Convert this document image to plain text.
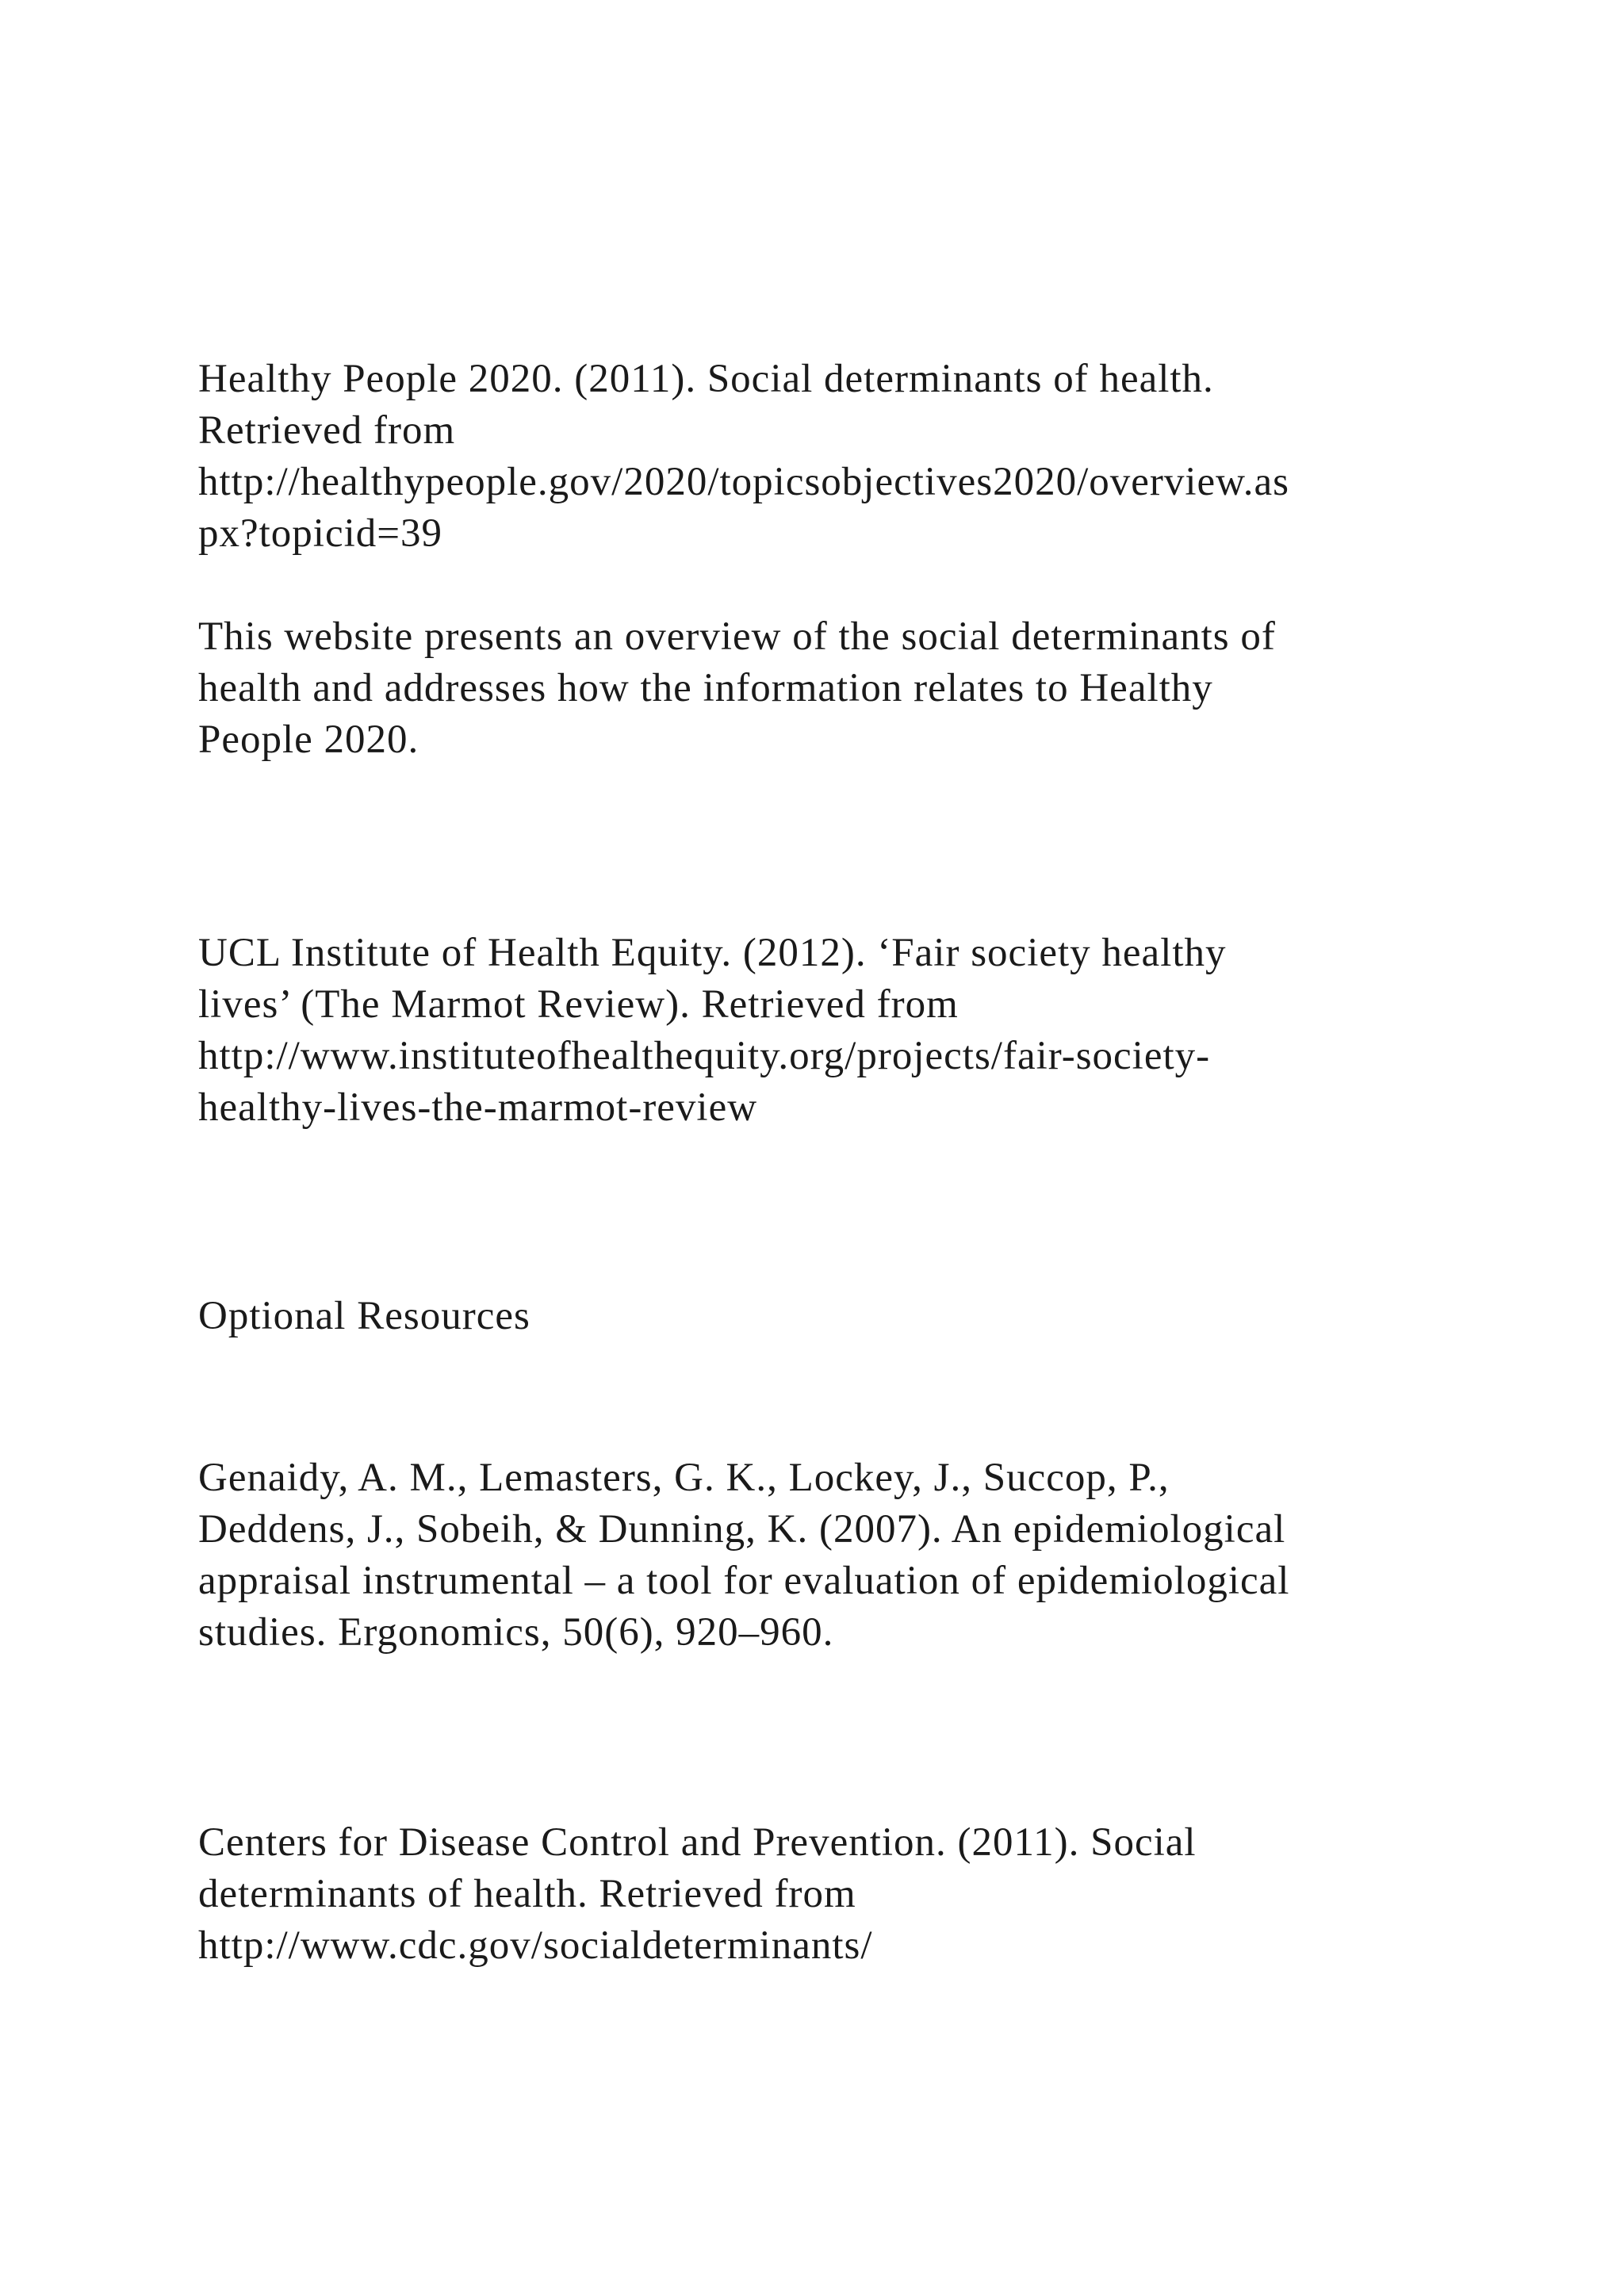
Healthy People 2020. (2011). Social determinants of health.
Retrieved from
http://healthypeople.gov/2020/topicsobjectives2020/overview.as
px?topicid=39
This website presents an overview of the social determinants of
health and addresses how the information relates to Healthy
People 2020.
UCL Institute of Health Equity. (2012). ‘Fair society healthy
lives’ (The Marmot Review). Retrieved from
http://www.instituteofhealthequity.org/projects/fair-society-
healthy-lives-the-marmot-review
Optional Resources
Genaidy, A. M., Lemasters, G. K., Lockey, J., Succop, P.,
Deddens, J., Sobeih, & Dunning, K. (2007). An epidemiological
appraisal instrumental – a tool for evaluation of epidemiological
studies. Ergonomics, 50(6), 920–960.
Centers for Disease Control and Prevention. (2011). Social
determinants of health. Retrieved from
http://www.cdc.gov/socialdeterminants/
